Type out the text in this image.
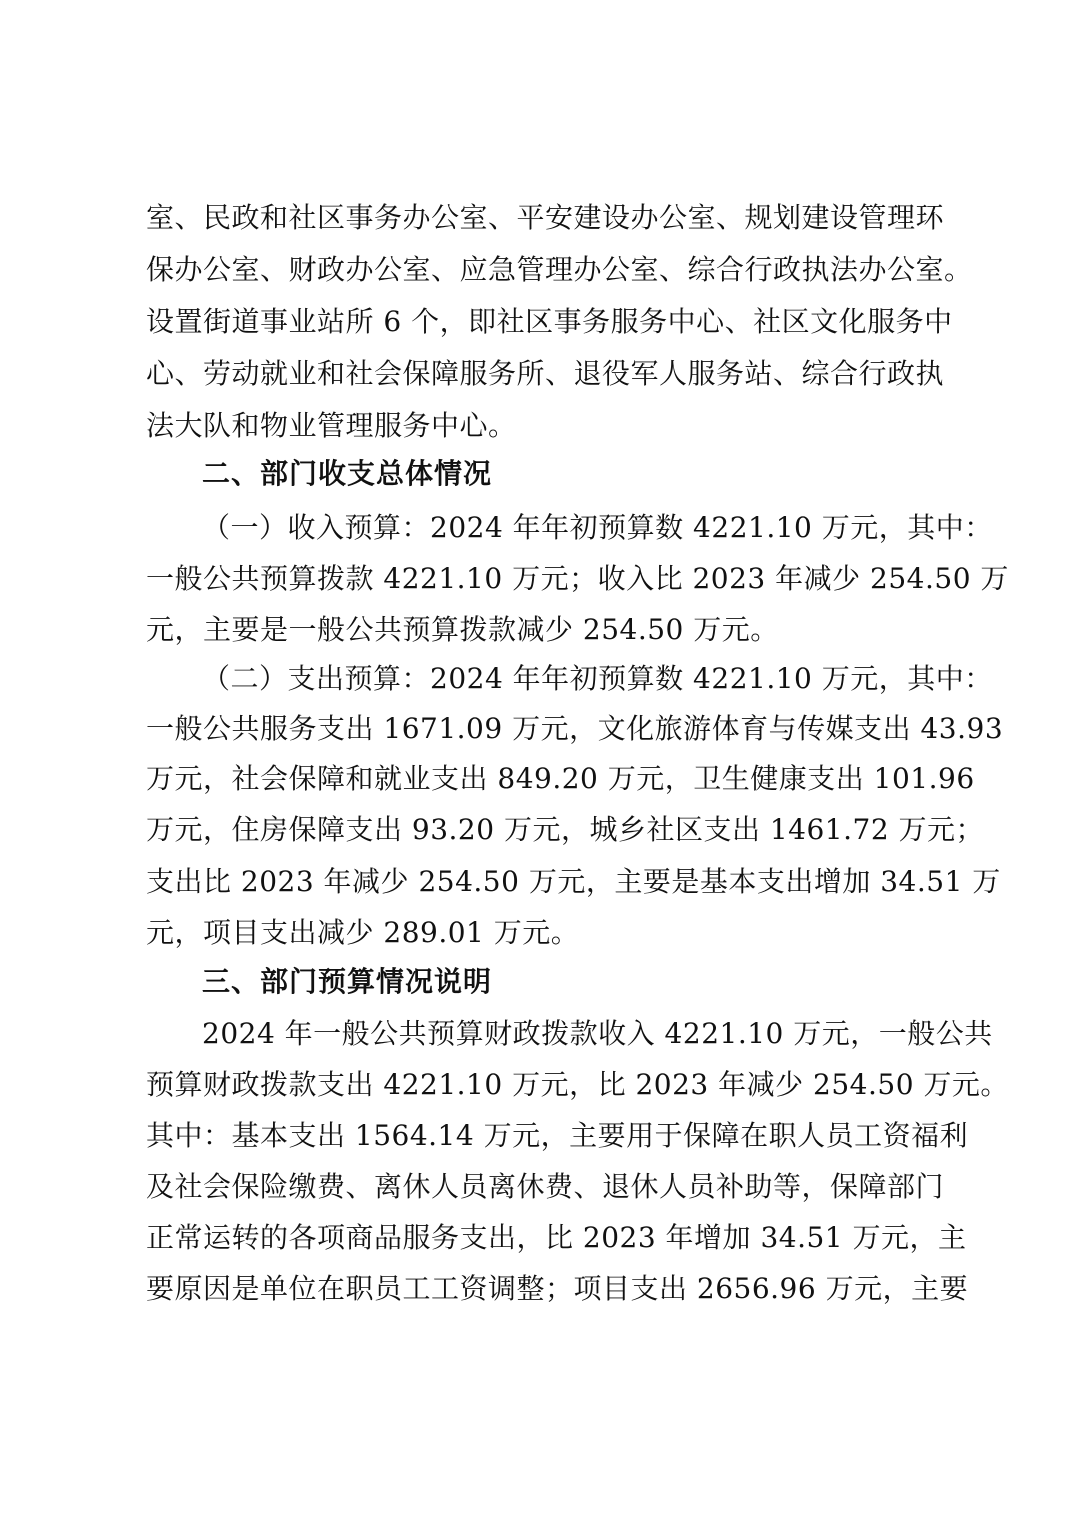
室、民政和社区事务办公室、平安建设办公室、规划建设管理环
保办公室、财政办公室、应急管理办公室、综合行政执法办公室。
设置街道事业站所 6 个，即社区事务服务中心、社区文化服务中
心、劳动就业和社会保障服务所、退役军人服务站、综合行政执
法大队和物业管理服务中心。
二、部门收支总体情况
（一）收入预算：2024 年年初预算数 4221.10 万元，其中：
一般公共预算拨款 4221.10 万元；收入比 2023 年减少 254.50 万
元，主要是一般公共预算拨款减少 254.50 万元。
（二）支出预算：2024 年年初预算数 4221.10 万元，其中：
一般公共服务支出 1671.09 万元，文化旅游体育与传媒支出 43.93
万元，社会保障和就业支出 849.20 万元，卫生健康支出 101.96
万元，住房保障支出 93.20 万元，城乡社区支出 1461.72 万元；
支出比 2023 年减少 254.50 万元，主要是基本支出增加 34.51 万
元，项目支出减少 289.01 万元。
三、部门预算情况说明
2024 年一般公共预算财政拨款收入 4221.10 万元，一般公共
预算财政拨款支出 4221.10 万元，比 2023 年减少 254.50 万元。
其中：基本支出 1564.14 万元，主要用于保障在职人员工资福利
及社会保险缴费、离休人员离休费、退休人员补助等，保障部门
正常运转的各项商品服务支出，比 2023 年增加 34.51 万元，主
要原因是单位在职员工工资调整；项目支出 2656.96 万元，主要
